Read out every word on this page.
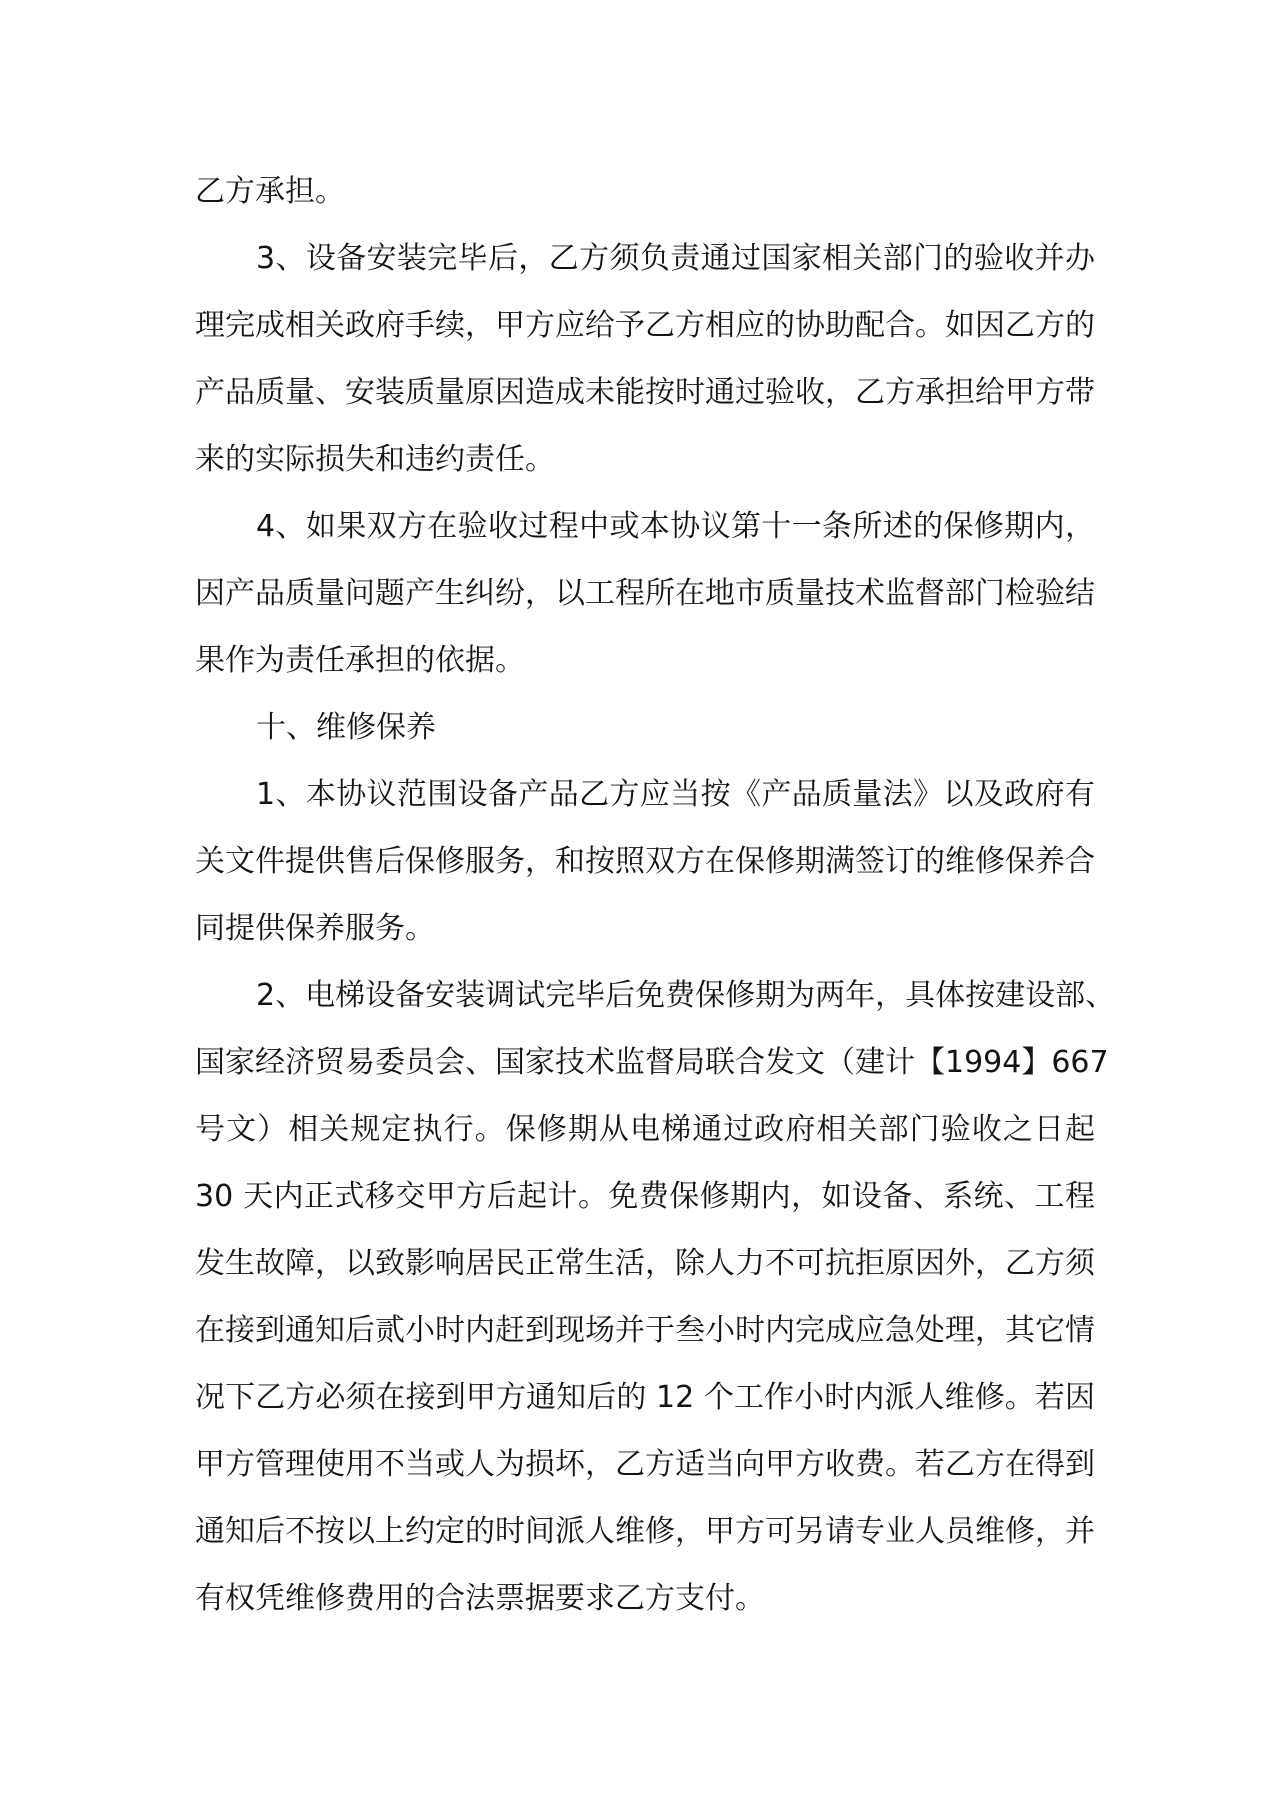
乙方承担。
3、设备安装完毕后，乙方须负责通过国家相关部门的验收并办
理完成相关政府手续，甲方应给予乙方相应的协助配合。如因乙方的
产品质量、安装质量原因造成未能按时通过验收，乙方承担给甲方带
来的实际损失和违约责任。
4、如果双方在验收过程中或本协议第十一条所述的保修期内，
因产品质量问题产生纠纷，以工程所在地市质量技术监督部门检验结
果作为责任承担的依据。
十、维修保养
1、本协议范围设备产品乙方应当按《产品质量法》以及政府有
关文件提供售后保修服务，和按照双方在保修期满签订的维修保养合
同提供保养服务。
2、电梯设备安装调试完毕后免费保修期为两年，具体按建设部、
国家经济贸易委员会、国家技术监督局联合发文（建计【1994】667
号文）相关规定执行。保修期从电梯通过政府相关部门验收之日起
30 天内正式移交甲方后起计。免费保修期内，如设备、系统、工程
发生故障，以致影响居民正常生活，除人力不可抗拒原因外，乙方须
在接到通知后贰小时内赶到现场并于叁小时内完成应急处理，其它情
况下乙方必须在接到甲方通知后的 12 个工作小时内派人维修。若因
甲方管理使用不当或人为损坏，乙方适当向甲方收费。若乙方在得到
通知后不按以上约定的时间派人维修，甲方可另请专业人员维修，并
有权凭维修费用的合法票据要求乙方支付。
